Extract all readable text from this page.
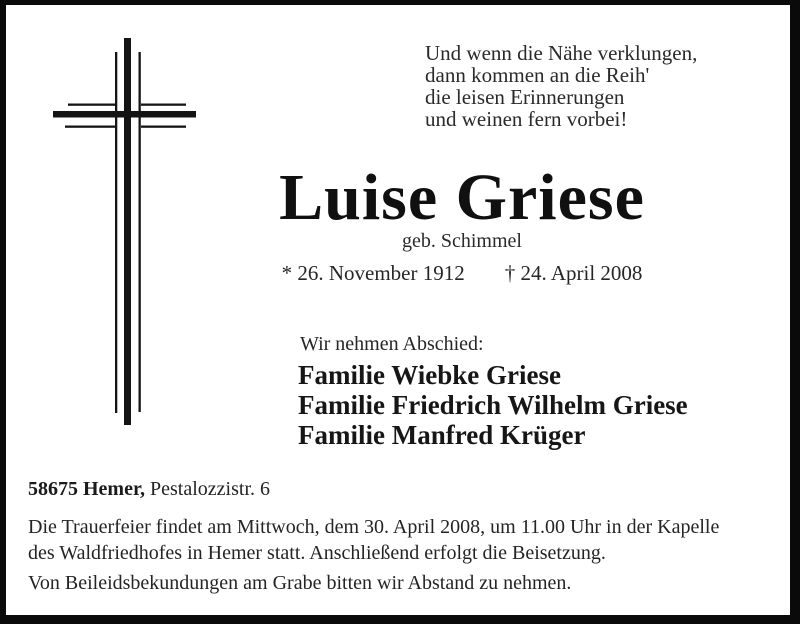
Und wenn die Nähe verklungen,
dann kommen an die Reih'
die leisen Erinnerungen
und weinen fern vorbei!
Luise Griese
geb. Schimmel
* 26. November 1912 † 24. April 2008
Wir nehmen Abschied:
Familie Wiebke Griese
Familie Friedrich Wilhelm Griese
Familie Manfred Krüger
58675 Hemer, Pestalozzistr. 6
Die Trauerfeier findet am Mittwoch, dem 30. April 2008, um 11.00 Uhr in der Kapelle
des Waldfriedhofes in Hemer statt. Anschließend erfolgt die Beisetzung.
Von Beileidsbekundungen am Grabe bitten wir Abstand zu nehmen.
